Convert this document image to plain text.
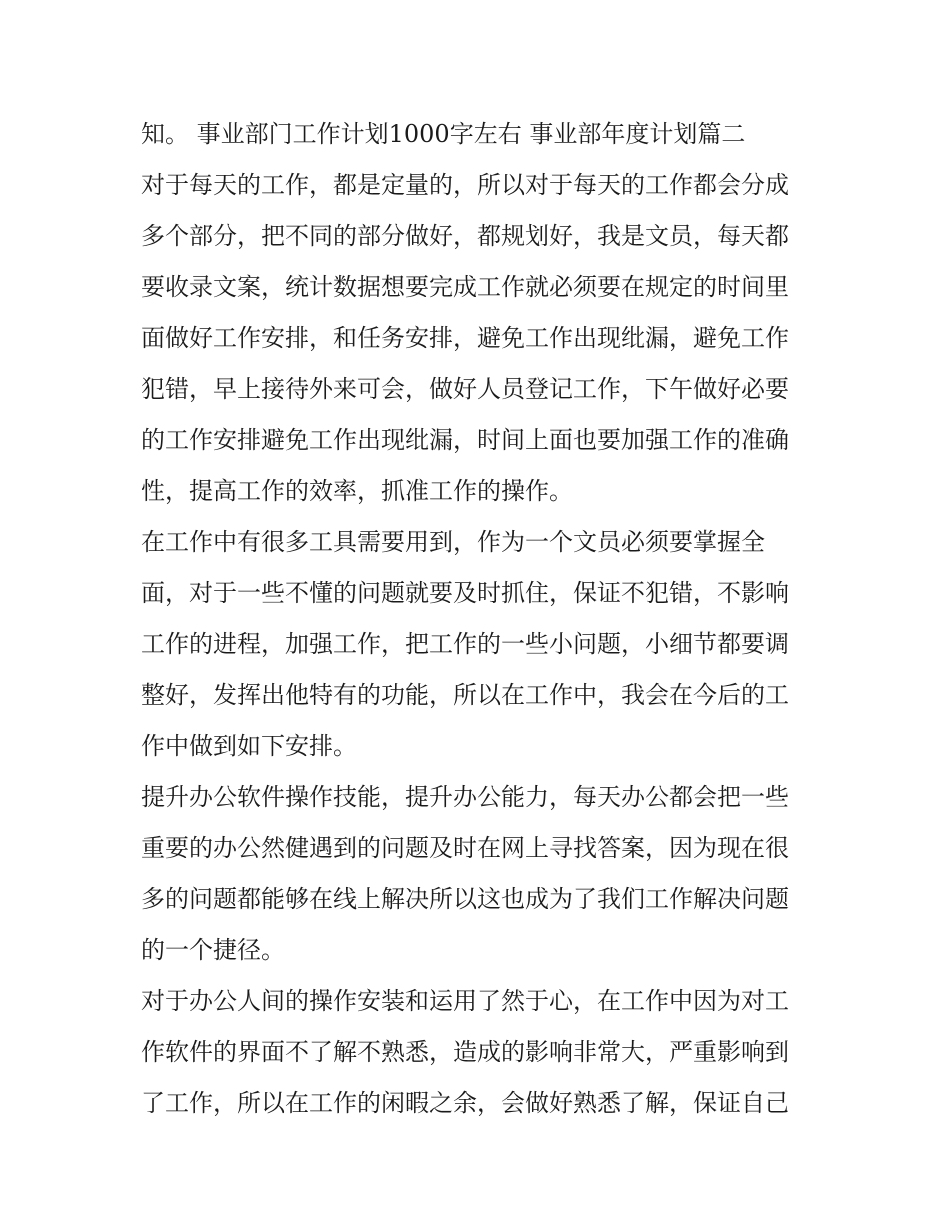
知。 事业部门工作计划1000字左右 事业部年度计划篇二
对于每天的工作，都是定量的，所以对于每天的工作都会分成
多个部分，把不同的部分做好，都规划好，我是文员，每天都
要收录文案，统计数据想要完成工作就必须要在规定的时间里
面做好工作安排，和任务安排，避免工作出现纰漏，避免工作
犯错，早上接待外来可会，做好人员登记工作，下午做好必要
的工作安排避免工作出现纰漏，时间上面也要加强工作的准确
性，提高工作的效率，抓准工作的操作。
在工作中有很多工具需要用到，作为一个文员必须要掌握全
面，对于一些不懂的问题就要及时抓住，保证不犯错，不影响
工作的进程，加强工作，把工作的一些小问题，小细节都要调
整好，发挥出他特有的功能，所以在工作中，我会在今后的工
作中做到如下安排。
提升办公软件操作技能，提升办公能力，每天办公都会把一些
重要的办公然健遇到的问题及时在网上寻找答案，因为现在很
多的问题都能够在线上解决所以这也成为了我们工作解决问题
的一个捷径。
对于办公人间的操作安装和运用了然于心，在工作中因为对工
作软件的界面不了解不熟悉，造成的影响非常大，严重影响到
了工作，所以在工作的闲暇之余，会做好熟悉了解，保证自己
